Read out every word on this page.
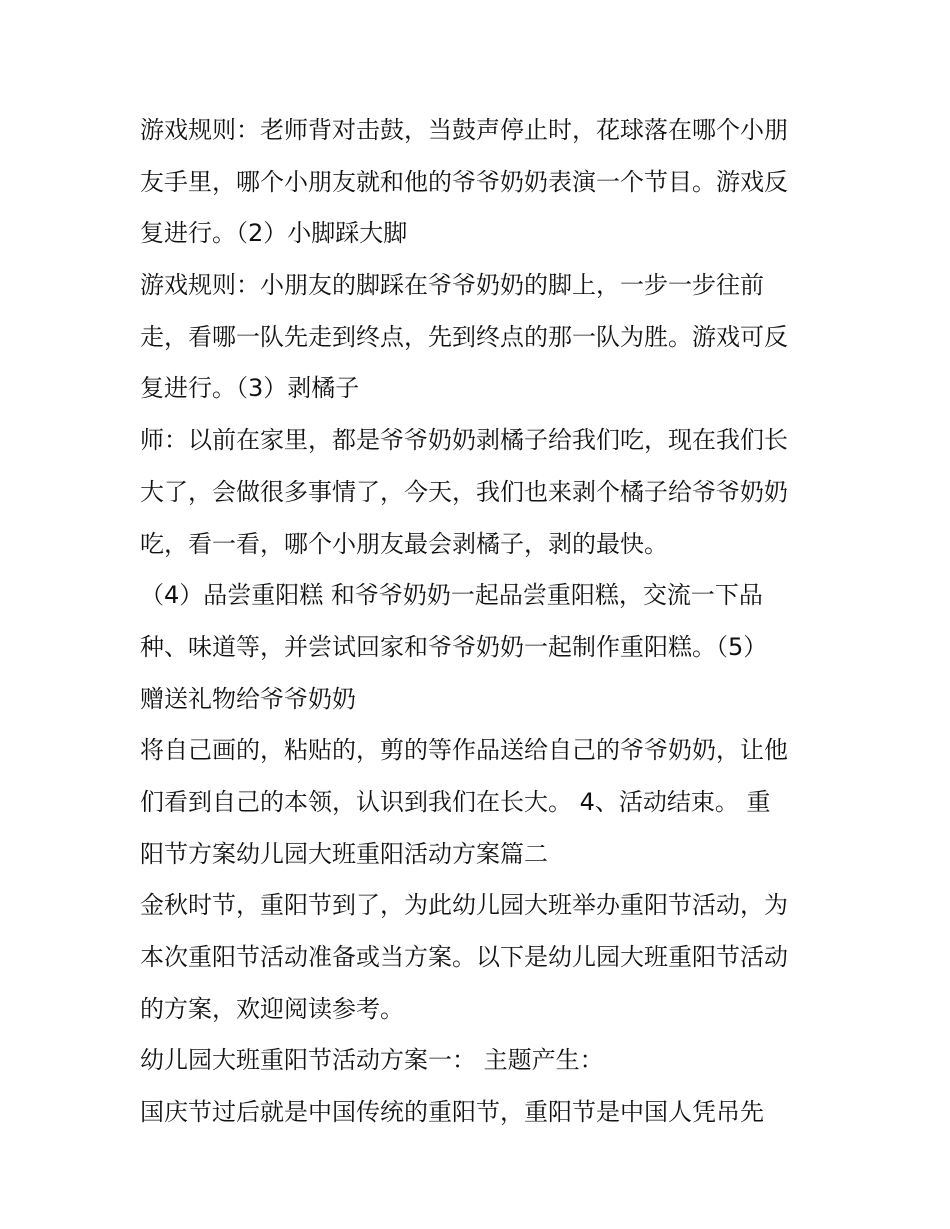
游戏规则：老师背对击鼓，当鼓声停止时，花球落在哪个小朋
友手里，哪个小朋友就和他的爷爷奶奶表演一个节目。游戏反
复进行。（2）小脚踩大脚
游戏规则：小朋友的脚踩在爷爷奶奶的脚上，一步一步往前
走，看哪一队先走到终点，先到终点的那一队为胜。游戏可反
复进行。（3）剥橘子
师：以前在家里，都是爷爷奶奶剥橘子给我们吃，现在我们长
大了，会做很多事情了，今天，我们也来剥个橘子给爷爷奶奶
吃，看一看，哪个小朋友最会剥橘子，剥的最快。
（4）品尝重阳糕 和爷爷奶奶一起品尝重阳糕，交流一下品
种、味道等，并尝试回家和爷爷奶奶一起制作重阳糕。（5）
赠送礼物给爷爷奶奶
将自己画的，粘贴的，剪的等作品送给自己的爷爷奶奶，让他
们看到自己的本领，认识到我们在长大。 4、活动结束。 重
阳节方案幼儿园大班重阳活动方案篇二
金秋时节，重阳节到了，为此幼儿园大班举办重阳节活动，为
本次重阳节活动准备或当方案。以下是幼儿园大班重阳节活动
的方案，欢迎阅读参考。
幼儿园大班重阳节活动方案一： 主题产生：
国庆节过后就是中国传统的重阳节，重阳节是中国人凭吊先
